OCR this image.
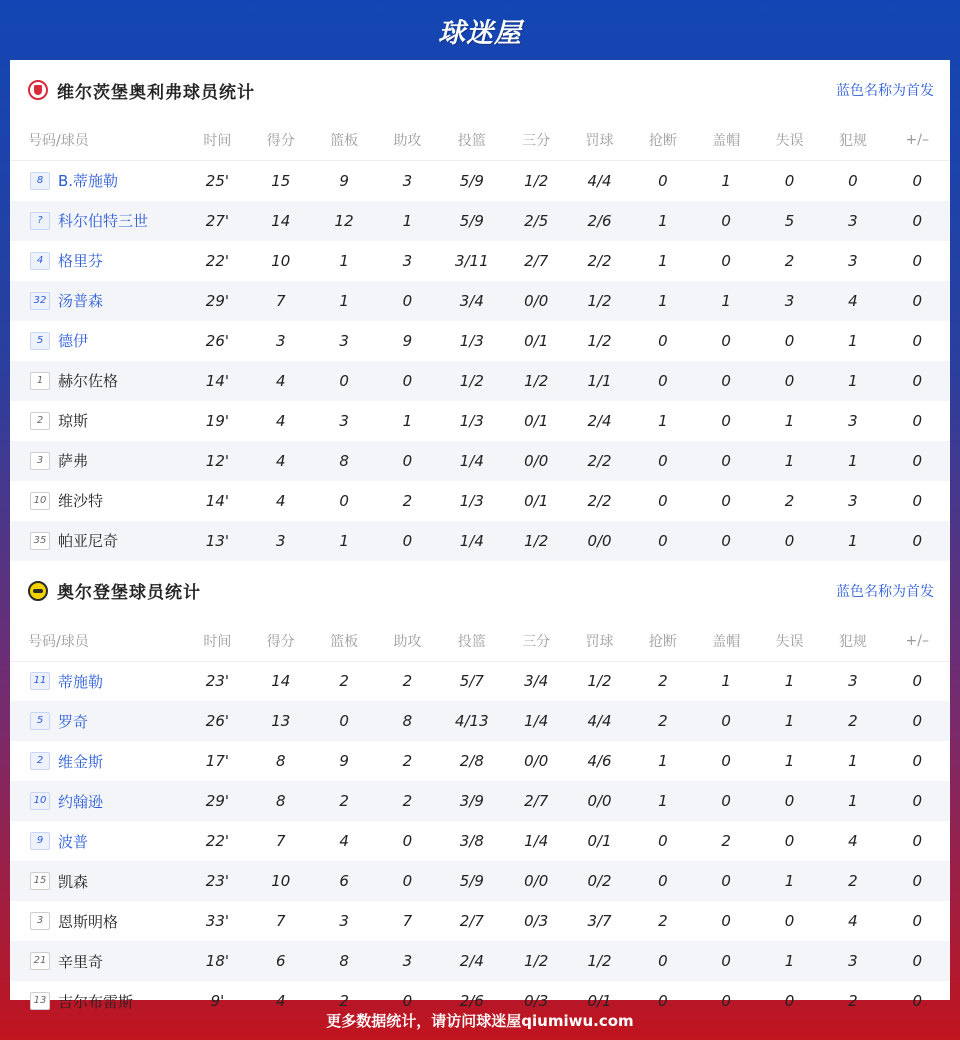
球迷屋
维尔茨堡奥利弗球员统计	蓝色名称为首发
号码/球员	时间	得分	篮板	助攻	投篮	三分	罚球	抢断	盖帽	失误	犯规	+/–
8 B.蒂施勒	25'	15	9	3	5/9	1/2	4/4	0	1	0	0	0
? 科尔伯特三世	27'	14	12	1	5/9	2/5	2/6	1	0	5	3	0
4 格里芬	22'	10	1	3	3/11	2/7	2/2	1	0	2	3	0
32 汤普森	29'	7	1	0	3/4	0/0	1/2	1	1	3	4	0
5 德伊	26'	3	3	9	1/3	0/1	1/2	0	0	0	1	0
1 赫尔佐格	14'	4	0	0	1/2	1/2	1/1	0	0	0	1	0
2 琼斯	19'	4	3	1	1/3	0/1	2/4	1	0	1	3	0
3 萨弗	12'	4	8	0	1/4	0/0	2/2	0	0	1	1	0
10 维沙特	14'	4	0	2	1/3	0/1	2/2	0	0	2	3	0
35 帕亚尼奇	13'	3	1	0	1/4	1/2	0/0	0	0	0	1	0
奥尔登堡球员统计	蓝色名称为首发
号码/球员	时间	得分	篮板	助攻	投篮	三分	罚球	抢断	盖帽	失误	犯规	+/–
11 蒂施勒	23'	14	2	2	5/7	3/4	1/2	2	1	1	3	0
5 罗奇	26'	13	0	8	4/13	1/4	4/4	2	0	1	2	0
2 维金斯	17'	8	9	2	2/8	0/0	4/6	1	0	1	1	0
10 约翰逊	29'	8	2	2	3/9	2/7	0/0	1	0	0	1	0
9 波普	22'	7	4	0	3/8	1/4	0/1	0	2	0	4	0
15 凯森	23'	10	6	0	5/9	0/0	0/2	0	0	1	2	0
3 恩斯明格	33'	7	3	7	2/7	0/3	3/7	2	0	0	4	0
21 辛里奇	18'	6	8	3	2/4	1/2	1/2	0	0	1	3	0
13 吉尔布雷斯	9'	4	2	0	2/6	0/3	0/1	0	0	0	2	0
更多数据统计，请访问球迷屋qiumiwu.com
